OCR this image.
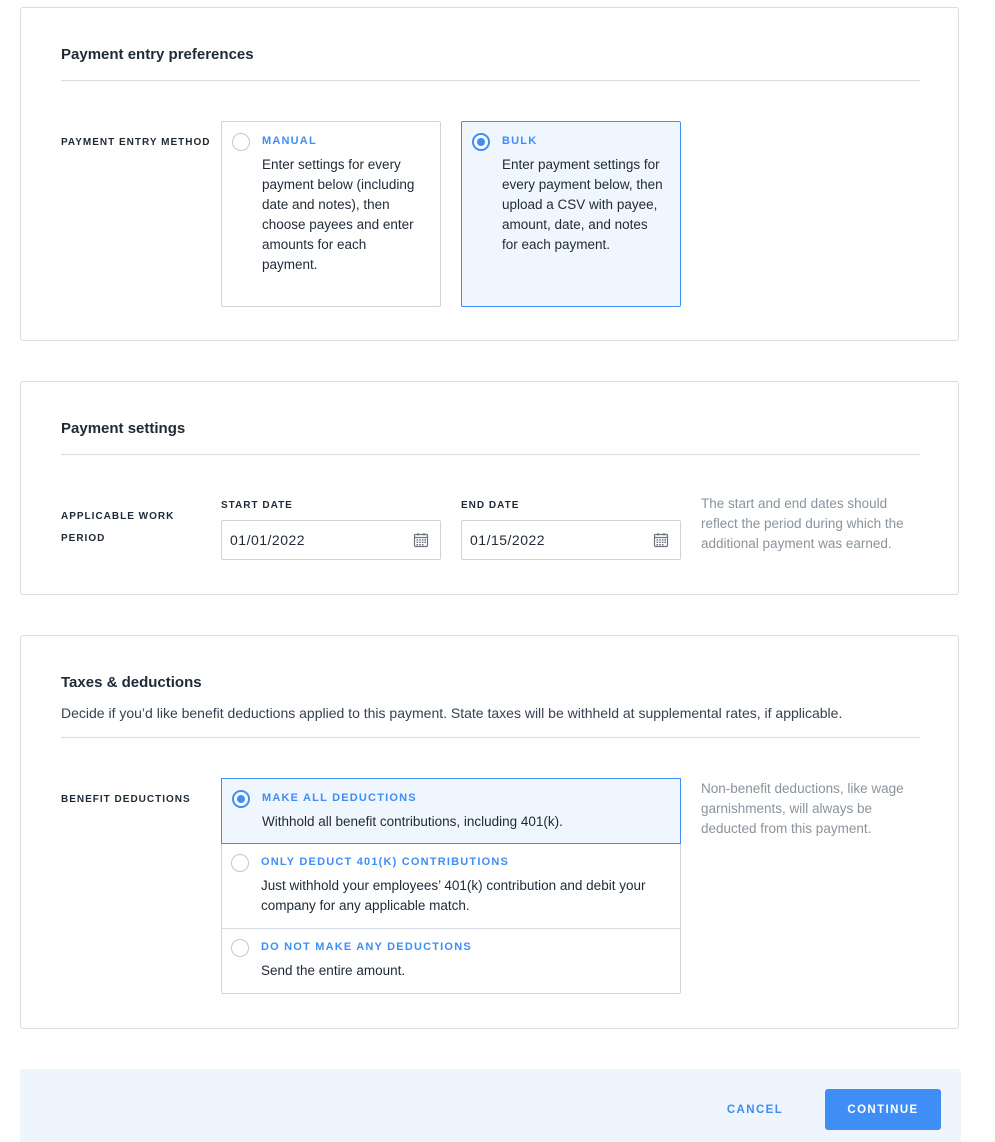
Payment entry preferences
PAYMENT ENTRY METHOD	MANUAL
Enter settings for every payment below (including date and notes), then choose payees and enter amounts for each payment.
BULK
Enter payment settings for every payment below, then upload a CSV with payee, amount, date, and notes for each payment.
Payment settings
APPLICABLE WORK PERIOD
START DATE
01/01/2022	END DATE
01/15/2022	The start and end dates should reflect the period during which the additional payment was earned.
Taxes & deductions
Decide if you’d like benefit deductions applied to this payment. State taxes will be withheld at supplemental rates, if applicable.
BENEFIT DEDUCTIONS	MAKE ALL DEDUCTIONS
Withhold all benefit contributions, including 401(k).
ONLY DEDUCT 401(K) CONTRIBUTIONS
Just withhold your employees’ 401(k) contribution and debit your company for any applicable match.
DO NOT MAKE ANY DEDUCTIONS
Send the entire amount.
Non-benefit deductions, like wage garnishments, will always be deducted from this payment.
CANCEL	CONTINUE
